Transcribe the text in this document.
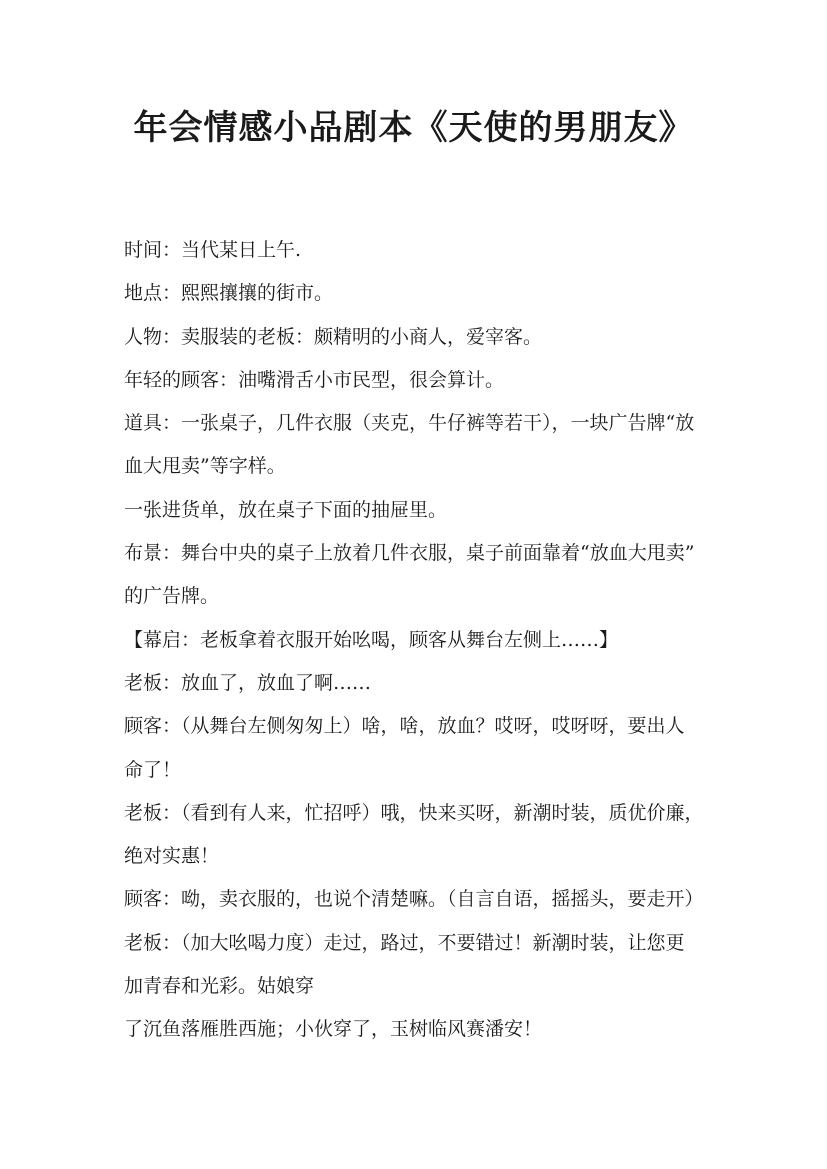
年会情感小品剧本《天使的男朋友》
时间：当代某日上午.
地点：熙熙攘攘的街市。
人物：卖服装的老板：颇精明的小商人，爱宰客。
年轻的顾客：油嘴滑舌小市民型，很会算计。
道具：一张桌子，几件衣服（夹克，牛仔裤等若干），一块广告牌“放
血大甩卖”等字样。
一张进货单，放在桌子下面的抽屉里。
布景：舞台中央的桌子上放着几件衣服，桌子前面靠着“放血大甩卖”
的广告牌。
【幕启：老板拿着衣服开始吆喝，顾客从舞台左侧上……】
老板：放血了，放血了啊……
顾客：（从舞台左侧匆匆上）啥，啥，放血？哎呀，哎呀呀，要出人
命了！
老板：（看到有人来，忙招呼）哦，快来买呀，新潮时装，质优价廉，
绝对实惠！
顾客：呦，卖衣服的，也说个清楚嘛。（自言自语，摇摇头，要走开）
老板：（加大吆喝力度）走过，路过，不要错过！新潮时装，让您更
加青春和光彩。姑娘穿
了沉鱼落雁胜西施；小伙穿了，玉树临风赛潘安！
